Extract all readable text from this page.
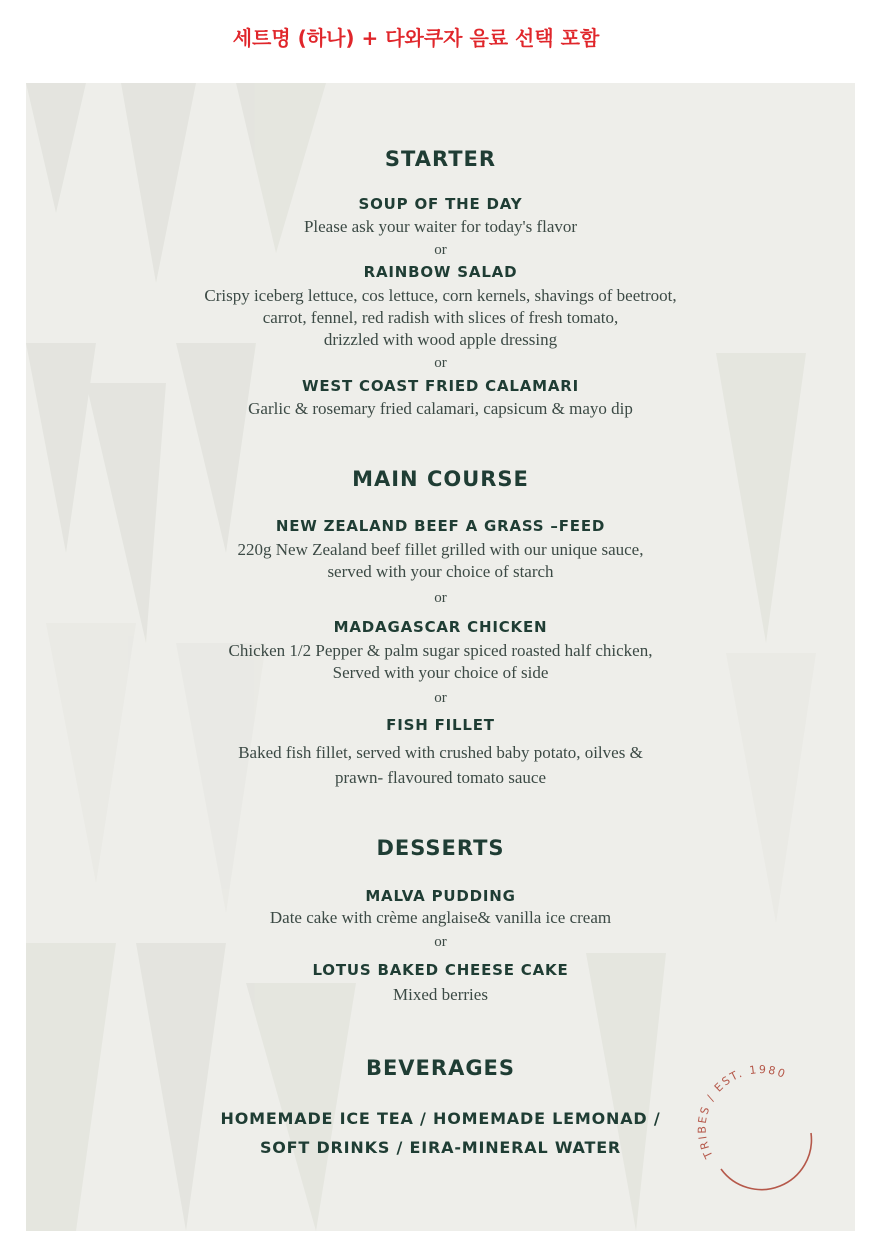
세트명 (하나) + 다와쿠자 음료 선택 포함
STARTER
SOUP OF THE DAY
Please ask your waiter for today's flavor
or
RAINBOW SALAD
Crispy iceberg lettuce, cos lettuce, corn kernels, shavings of beetroot,
carrot, fennel, red radish with slices of fresh tomato,
drizzled with wood apple dressing
or
WEST COAST FRIED CALAMARI
Garlic & rosemary fried calamari, capsicum & mayo dip
MAIN COURSE
NEW ZEALAND BEEF A GRASS –FEED
220g New Zealand beef fillet grilled with our unique sauce,
served with your choice of starch
or
MADAGASCAR CHICKEN
Chicken 1/2 Pepper & palm sugar spiced roasted half chicken,
Served with your choice of side
or
FISH FILLET
Baked fish fillet, served with crushed baby potato, oilves &
prawn- flavoured tomato sauce
DESSERTS
MALVA PUDDING
Date cake with crème anglaise& vanilla ice cream
or
LOTUS BAKED CHEESE CAKE
Mixed berries
BEVERAGES
HOMEMADE ICE TEA / HOMEMADE LEMONAD /
SOFT DRINKS / EIRA-MINERAL WATER	TRIBES / EST. 1980
